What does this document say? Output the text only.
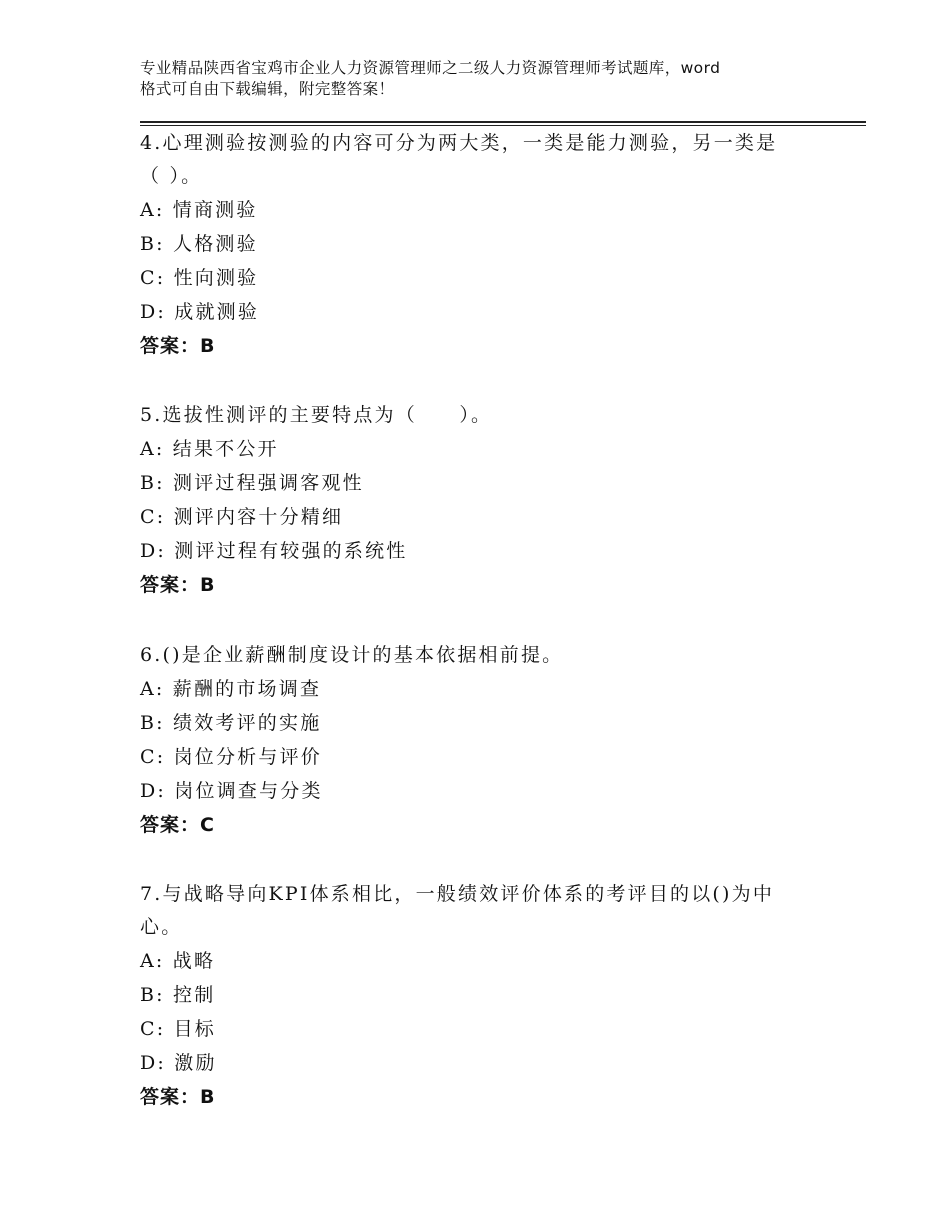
专业精品陕西省宝鸡市企业人力资源管理师之二级人力资源管理师考试题库，word
格式可自由下载编辑，附完整答案！

4.心理测验按测验的内容可分为两大类，一类是能力测验，另一类是

（ ）。

A: 情商测验

B: 人格测验

C: 性向测验

D: 成就测验

答案：B

5.选拔性测评的主要特点为（　　）。

A: 结果不公开

B: 测评过程强调客观性

C: 测评内容十分精细

D: 测评过程有较强的系统性

答案：B

6.()是企业薪酬制度设计的基本依据相前提。

A: 薪酬的市场调查

B: 绩效考评的实施

C: 岗位分析与评价

D: 岗位调查与分类

答案：C

7.与战略导向KPI体系相比，一般绩效评价体系的考评目的以()为中

心。

A: 战略

B: 控制

C: 目标

D: 激励

答案：B
